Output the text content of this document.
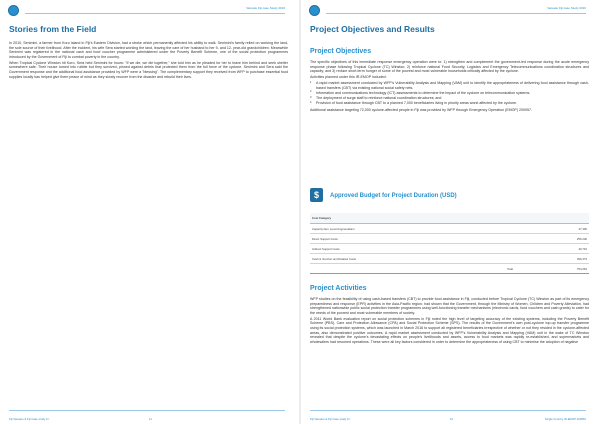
Vanuatu Fiji case Study 2016
Stories from the Field

In 2010, Senimini, a farmer from Koro Island in Fiji's Eastern Division, had a stroke which permanently affected his ability to walk. Senimini's family relied on working the land, the sole source of their livelihood. After the incident, his wife Sera started working the land, leaving the care of her husband to her 9- and 12- year-old grandchildren. Meanwhile Senimini was registered in the national cash and food voucher programme administered under the Poverty Benefit Scheme, one of the social protection programmes introduced by the Government of Fiji to combat poverty in the country.

When Tropical Cyclone Winston hit Koro, Sera held Senimini for hours: "If we die, we die together," she told him as he pleaded for her to leave him behind and seek shelter somewhere safe. Their house turned into rubble but they survived, pinned against debris that protected them from the full force of the cyclone. Senimini and Sera said the Government response and the additional food assistance provided by WFP were a "blessing". The complementary support they received from WFP to purchase essential food supplies locally has helped give them peace of mind as they slowly recover from the disaster and rebuild their lives.

Fiji Vanuatu & Fiji Case study F.i.	11
Vanuatu Fiji case Study 2016
Project Objectives and Results
Project Objectives

The specific objectives of this immediate response emergency operation were to: 1) strengthen and complement the government-led response during the acute emergency response phase following Tropical Cyclone (TC) Winston; 2) reinforce national Food Security, Logistics and Emergency Telecommunications coordination structures and capacity; and 3) reduce short-term hunger of some of the poorest and most vulnerable households critically affected by the cyclone.

Activities planned under this IR-EMOP included:

1 A rapid market assessment conducted by WFP's Vulnerability Analysis and Mapping (VAM) unit to identify the appropriateness of delivering food assistance through cash-based transfers (CBT) via existing national social safety nets.
2 Information and communications technology (ICT) assessments to determine the impact of the cyclone on telecommunication systems.
3 The deployment of surge staff to reinforce national coordination structures; and
4 Provision of food assistance through CBT to a planned 7,000 beneficiaries living in priority areas worst affected by the cyclone.

Additional assistance targeting 72,000 cyclone-affected people in Fiji was provided by WFP through Emergency Operation (EMOP) 200957.

$	Approved Budget for Project Duration (USD)
Cost Category	
Capacity Dev. Level Augmentation	47,300
Direct Support Costs	259,200
Indirect Support Costs	49,791
Cash & Voucher and Related Costs	399,373
Total	754,664
Project Activities

WFP studies on the feasibility of using cash-based transfers (CBT) to provide food assistance in Fiji, conducted before Tropical Cyclone (TC) Winston as part of its emergency preparedness and response (EPR) activities in the Asia-Pacific region, had shown that the Government, through the Ministry of Women, Children and Poverty Alleviation, had strengthened nationwide public social protection transfer programmes using well-functioning transfer mechanisms (electronic cards, food vouchers and cash grants) to cater for the needs of the poorest and most vulnerable members of society.

A 2011 World Bank evaluation report on social protection schemes in Fiji noted the high level of targeting accuracy of the existing systems, including the Poverty Benefit Scheme (PBS), Care and Protection Allowance (CPA) and Social Protection Scheme (SPS). The results of the Government's own post-cyclone top-up transfer programme using its social protection systems, which was launched in March 2016 to support all registered beneficiaries irrespective of whether or not they resided in the cyclone-affected areas, also demonstrated positive outcomes. A rapid market assessment conducted by WFP's Vulnerability Analysis and Mapping (VAM) unit in the wake of TC Winston revealed that despite the cyclone's devastating effects on people's livelihoods and assets, access to food markets was rapidly re-established, and supermarkets and wholesalers had resumed operations. These were all key factors considered in order to determine the appropriateness of using CBT to minimise the adoption of negative

Fiji Vanuatu & Fiji Case study F.i.	12	Single Country IR-EMOP 200891
